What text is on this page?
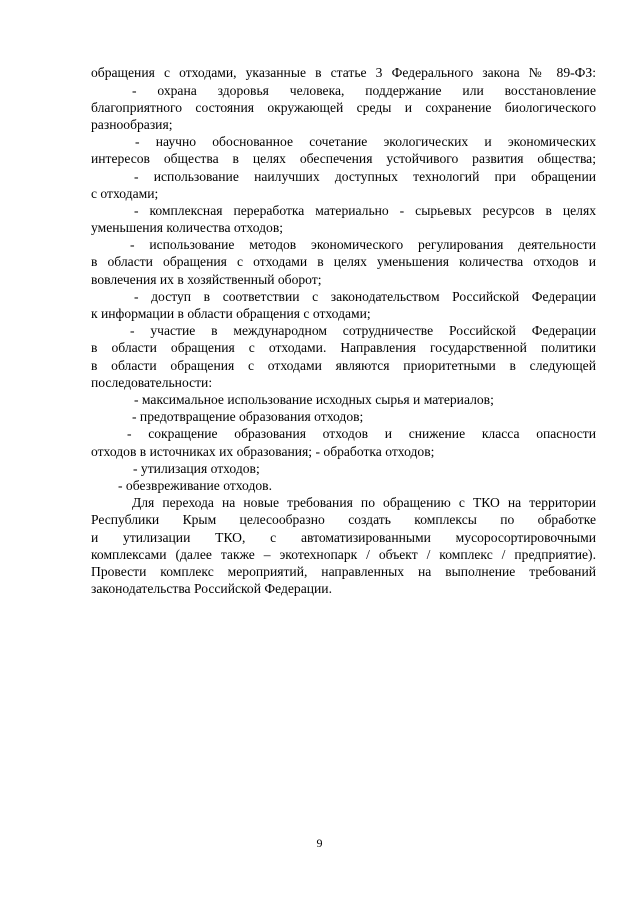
обращения с отходами, указанные в статье 3 Федерального закона № 89-ФЗ:

- охрана здоровья человека, поддержание или восстановление

благоприятного состояния окружающей среды и сохранение биологического

разнообразия;

- научно обоснованное сочетание экологических и экономических

интересов общества в целях обеспечения устойчивого развития общества;

- использование наилучших доступных технологий при обращении

с отходами;

- комплексная переработка материально - сырьевых ресурсов в целях

уменьшения количества отходов;

- использование методов экономического регулирования деятельности

в области обращения с отходами в целях уменьшения количества отходов и

вовлечения их в хозяйственный оборот;

- доступ в соответствии с законодательством Российской Федерации

к информации в области обращения с отходами;

- участие в международном сотрудничестве Российской Федерации

в области обращения с отходами. Направления государственной политики

в области обращения с отходами являются приоритетными в следующей

последовательности:

- максимальное использование исходных сырья и материалов;

- предотвращение образования отходов;

- сокращение образования отходов и снижение класса опасности

отходов в источниках их образования; - обработка отходов;

- утилизация отходов;

- обезвреживание отходов.

Для перехода на новые требования по обращению с ТКО на территории

Республики Крым целесообразно создать комплексы по обработке

и утилизации ТКО, с автоматизированными мусоросортировочными

комплексами (далее также – экотехнопарк / объект / комплекс / предприятие).

Провести комплекс мероприятий, направленных на выполнение требований

законодательства Российской Федерации.

9
